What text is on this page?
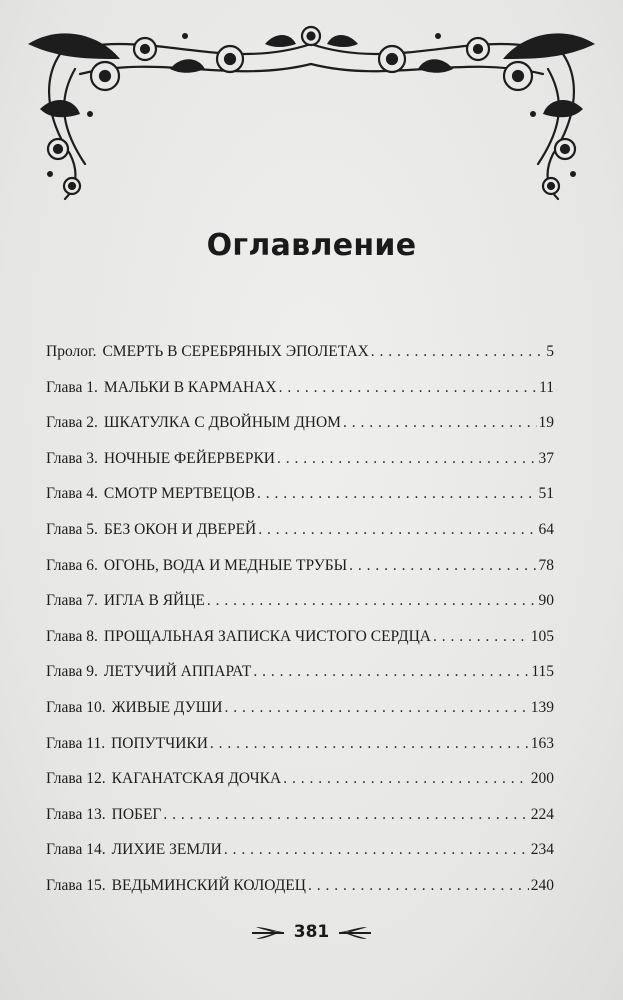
Оглавление
Пролог. СМЕРТЬ В СЕРЕБРЯНЫХ ЭПОЛЕТАХ . . .	5
Глава 1. МАЛЬКИ В КАРМАНАХ . . .	11
Глава 2. ШКАТУЛКА С ДВОЙНЫМ ДНОМ . . .	19
Глава 3. НОЧНЫЕ ФЕЙЕРВЕРКИ . . .	37
Глава 4. СМОТР МЕРТВЕЦОВ . . .	51
Глава 5. БЕЗ ОКОН И ДВЕРЕЙ . . .	64
Глава 6. ОГОНЬ, ВОДА И МЕДНЫЕ ТРУБЫ . . .	78
Глава 7. ИГЛА В ЯЙЦЕ . . .	90
Глава 8. ПРОЩАЛЬНАЯ ЗАПИСКА ЧИСТОГО СЕРДЦА . . .	105
Глава 9. ЛЕТУЧИЙ АППАРАТ . . .	115
Глава 10. ЖИВЫЕ ДУШИ . . .	139
Глава 11. ПОПУТЧИКИ . . .	163
Глава 12. КАГАНАТСКАЯ ДОЧКА . . .	200
Глава 13. ПОБЕГ . . .	224
Глава 14. ЛИХИЕ ЗЕМЛИ . . .	234
Глава 15. ВЕДЬМИНСКИЙ КОЛОДЕЦ . . .	240
381
